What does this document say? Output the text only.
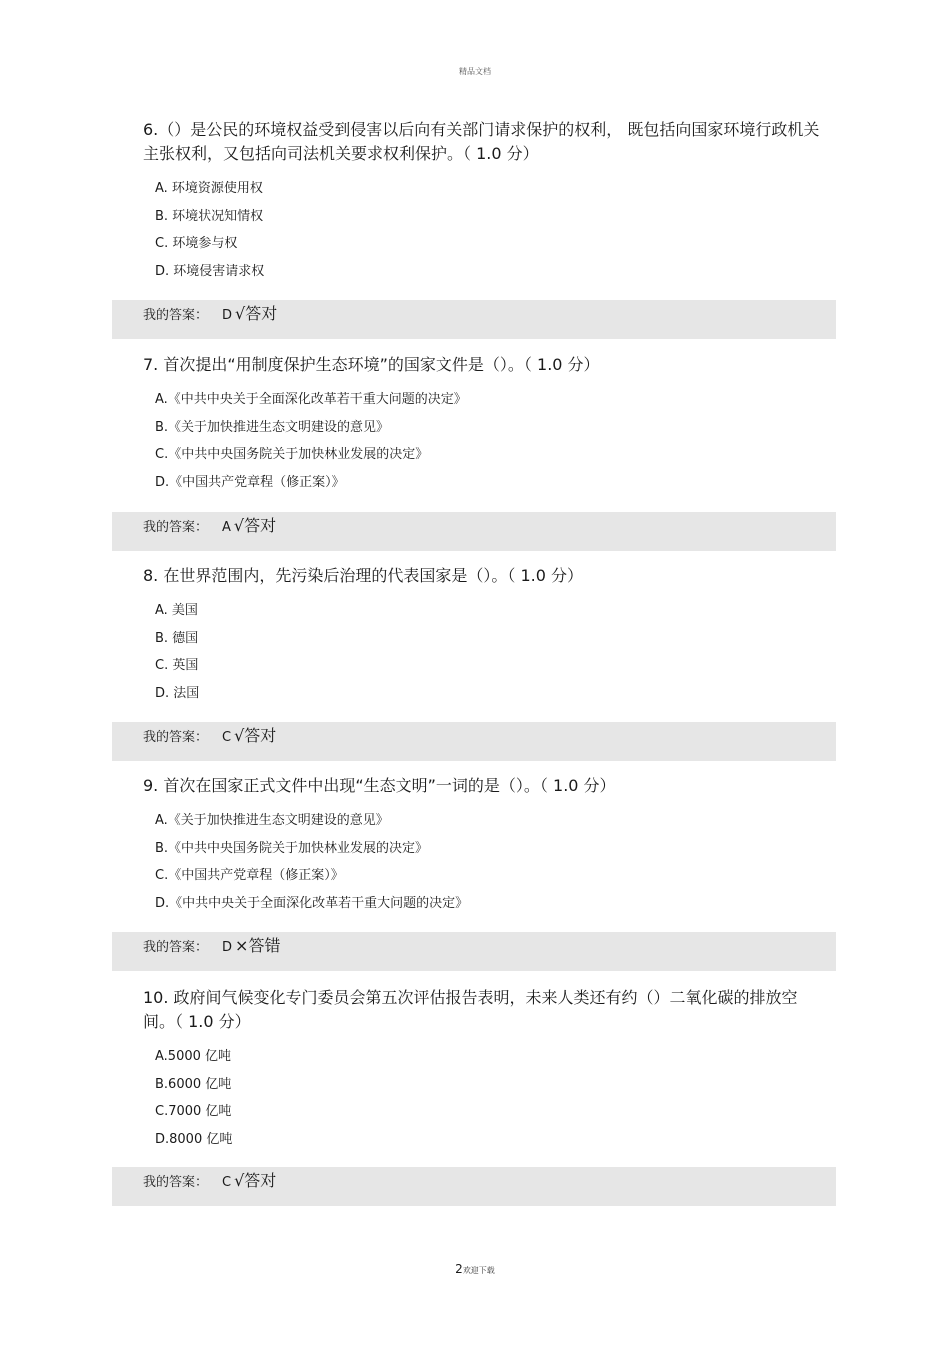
精品文档

6.（）是公民的环境权益受到侵害以后向有关部门请求保护的权利， 既包括向国家环境行政机关主张权利，又包括向司法机关要求权利保护。（ 1.0 分）

A. 环境资源使用权
B. 环境状况知情权
C. 环境参与权
D. 环境侵害请求权
我的答案： D √答对

7. 首次提出“用制度保护生态环境”的国家文件是（）。（ 1.0 分）

A.《中共中央关于全面深化改革若干重大问题的决定》
B.《关于加快推进生态文明建设的意见》
C.《中共中央国务院关于加快林业发展的决定》
D.《中国共产党章程（修正案）》
我的答案： A √答对

8. 在世界范围内，先污染后治理的代表国家是（）。（ 1.0 分）

A. 美国
B. 德国
C. 英国
D. 法国
我的答案： C √答对

9. 首次在国家正式文件中出现“生态文明”一词的是（）。（ 1.0 分）

A.《关于加快推进生态文明建设的意见》
B.《中共中央国务院关于加快林业发展的决定》
C.《中国共产党章程（修正案）》
D.《中共中央关于全面深化改革若干重大问题的决定》
我的答案： D ×答错

10. 政府间气候变化专门委员会第五次评估报告表明，未来人类还有约（）二氧化碳的排放空间。（ 1.0 分）

A.5000 亿吨
B.6000 亿吨
C.7000 亿吨
D.8000 亿吨
我的答案： C √答对
2欢迎下载
